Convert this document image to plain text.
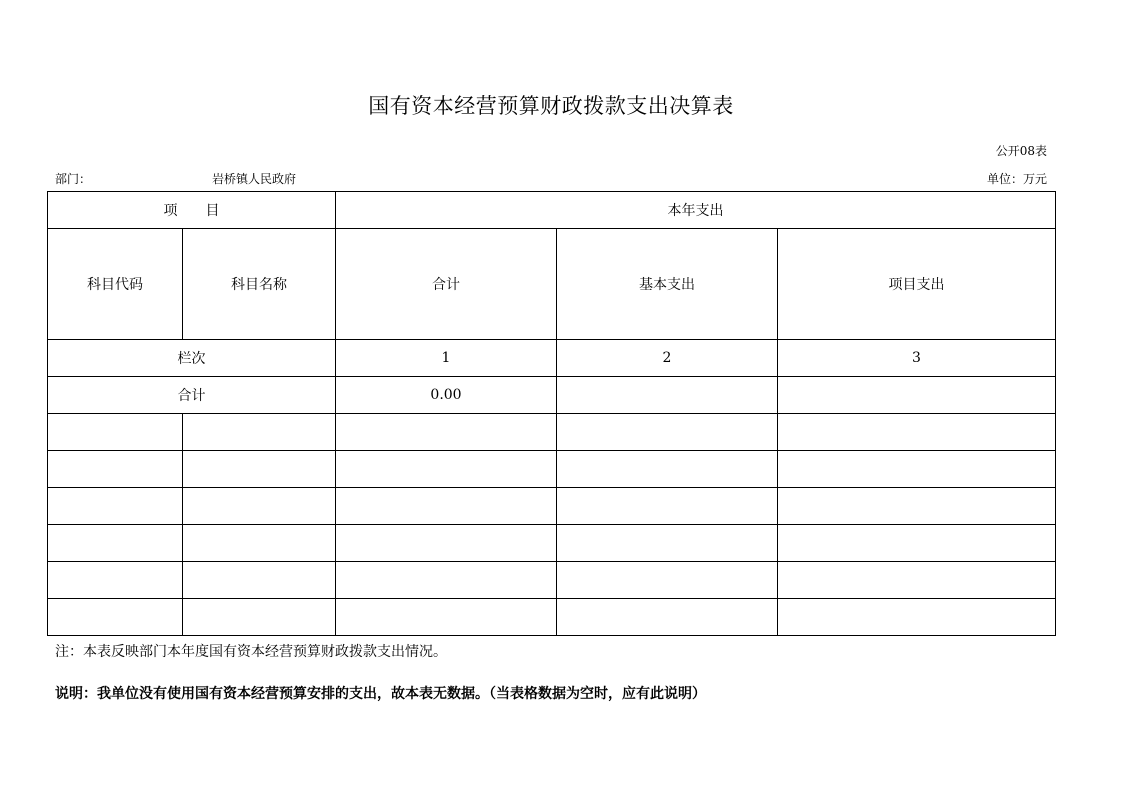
国有资本经营预算财政拨款支出决算表
公开08表
部门：	岩桥镇人民政府	单位：万元
项　　目		本年支出		
科目代码	科目名称	合计	基本支出	项目支出
栏次		1	2	3
合计		0.00		

注：本表反映部门本年度国有资本经营预算财政拨款支出情况。
说明：我单位没有使用国有资本经营预算安排的支出，故本表无数据。（当表格数据为空时，应有此说明）
